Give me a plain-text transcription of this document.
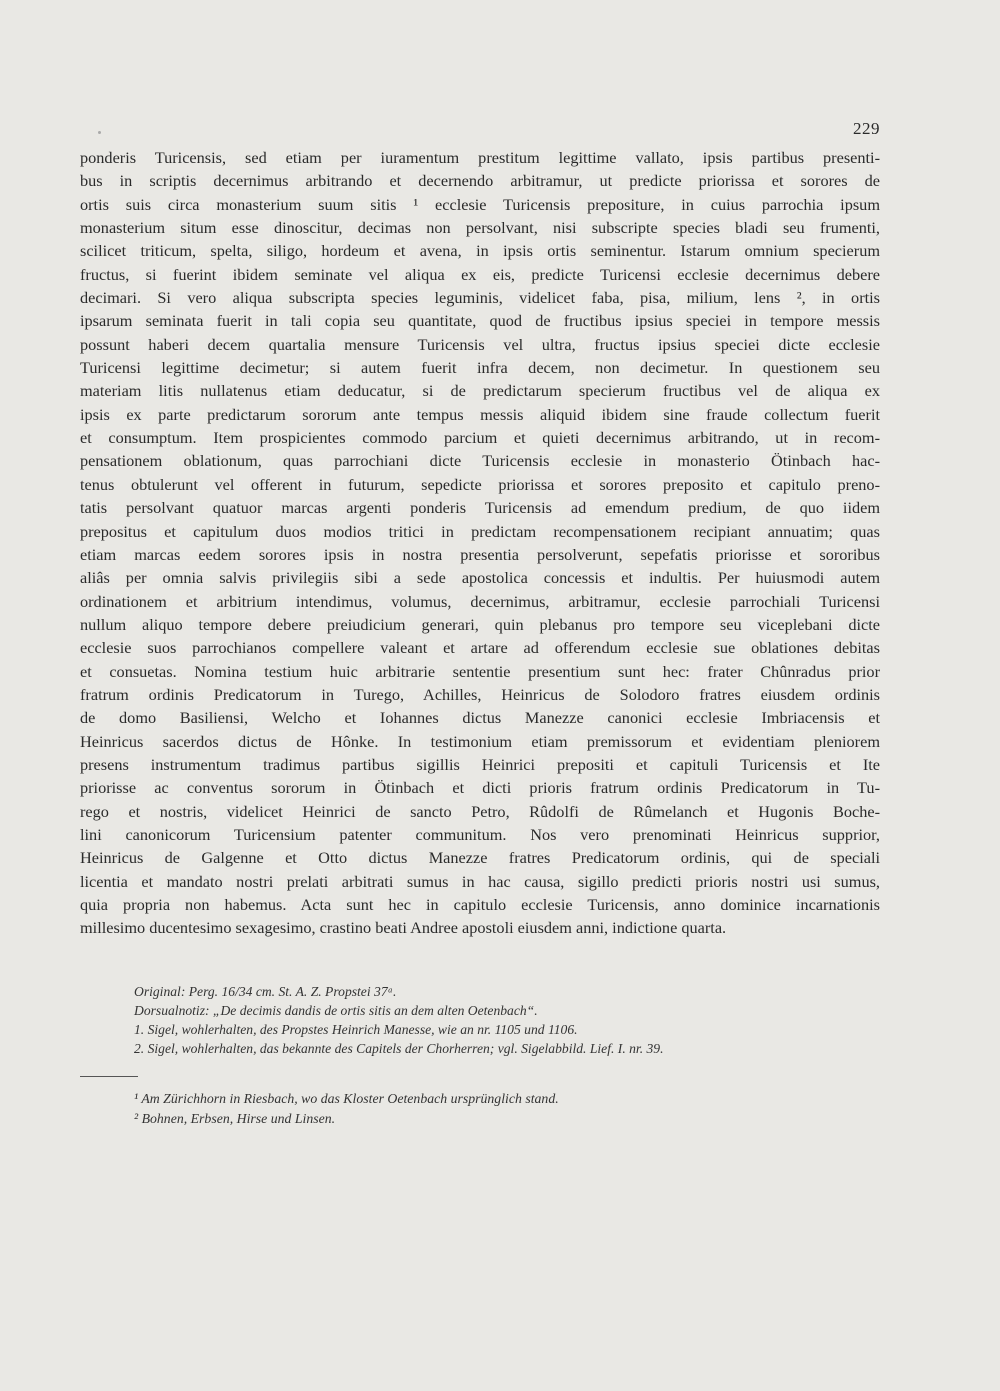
229
ponderis Turicensis, sed etiam per iuramentum prestitum legittime vallato, ipsis partibus presenti-
bus in scriptis decernimus arbitrando et decernendo arbitramur, ut predicte priorissa et sorores de
ortis suis circa monasterium suum sitis ¹ ecclesie Turicensis prepositure, in cuius parrochia ipsum
monasterium situm esse dinoscitur, decimas non persolvant, nisi subscripte species bladi seu frumenti,
scilicet triticum, spelta, siligo, hordeum et avena, in ipsis ortis seminentur. Istarum omnium specierum
fructus, si fuerint ibidem seminate vel aliqua ex eis, predicte Turicensi ecclesie decernimus debere
decimari. Si vero aliqua subscripta species leguminis, videlicet faba, pisa, milium, lens ², in ortis
ipsarum seminata fuerit in tali copia seu quantitate, quod de fructibus ipsius speciei in tempore messis
possunt haberi decem quartalia mensure Turicensis vel ultra, fructus ipsius speciei dicte ecclesie
Turicensi legittime decimetur; si autem fuerit infra decem, non decimetur. In questionem seu
materiam litis nullatenus etiam deducatur, si de predictarum specierum fructibus vel de aliqua ex
ipsis ex parte predictarum sororum ante tempus messis aliquid ibidem sine fraude collectum fuerit
et consumptum. Item prospicientes commodo parcium et quieti decernimus arbitrando, ut in recom-
pensationem oblationum, quas parrochiani dicte Turicensis ecclesie in monasterio Ötinbach hac-
tenus obtulerunt vel offerent in futurum, sepedicte priorissa et sorores preposito et capitulo preno-
tatis persolvant quatuor marcas argenti ponderis Turicensis ad emendum predium, de quo iidem
prepositus et capitulum duos modios tritici in predictam recompensationem recipiant annuatim; quas
etiam marcas eedem sorores ipsis in nostra presentia persolverunt, sepefatis priorisse et sororibus
aliâs per omnia salvis privilegiis sibi a sede apostolica concessis et indultis. Per huiusmodi autem
ordinationem et arbitrium intendimus, volumus, decernimus, arbitramur, ecclesie parrochiali Turicensi
nullum aliquo tempore debere preiudicium generari, quin plebanus pro tempore seu viceplebani dicte
ecclesie suos parrochianos compellere valeant et artare ad offerendum ecclesie sue oblationes debitas
et consuetas. Nomina testium huic arbitrarie sententie presentium sunt hec: frater Chûnradus prior
fratrum ordinis Predicatorum in Turego, Achilles, Heinricus de Solodoro fratres eiusdem ordinis
de domo Basiliensi, Welcho et Iohannes dictus Manezze canonici ecclesie Imbriacensis et
Heinricus sacerdos dictus de Hônke. In testimonium etiam premissorum et evidentiam pleniorem
presens instrumentum tradimus partibus sigillis Heinrici prepositi et capituli Turicensis et Ite
priorisse ac conventus sororum in Ötinbach et dicti prioris fratrum ordinis Predicatorum in Tu-
rego et nostris, videlicet Heinrici de sancto Petro, Rûdolfi de Rûmelanch et Hugonis Boche-
lini canonicorum Turicensium patenter communitum. Nos vero prenominati Heinricus supprior,
Heinricus de Galgenne et Otto dictus Manezze fratres Predicatorum ordinis, qui de speciali
licentia et mandato nostri prelati arbitrati sumus in hac causa, sigillo predicti prioris nostri usi sumus,
quia propria non habemus. Acta sunt hec in capitulo ecclesie Turicensis, anno dominice incarnationis
millesimo ducentesimo sexagesimo, crastino beati Andree apostoli eiusdem anni, indictione quarta.
Original: Perg. 16/34 cm. St. A. Z. Propstei 37ᵃ.
Dorsualnotiz: „De decimis dandis de ortis sitis an dem alten Oetenbach“.
1. Sigel, wohlerhalten, des Propstes Heinrich Manesse, wie an nr. 1105 und 1106.
2. Sigel, wohlerhalten, das bekannte des Capitels der Chorherren; vgl. Sigelabbild. Lief. I. nr. 39.
¹ Am Zürichhorn in Riesbach, wo das Kloster Oetenbach ursprünglich stand.
² Bohnen, Erbsen, Hirse und Linsen.
